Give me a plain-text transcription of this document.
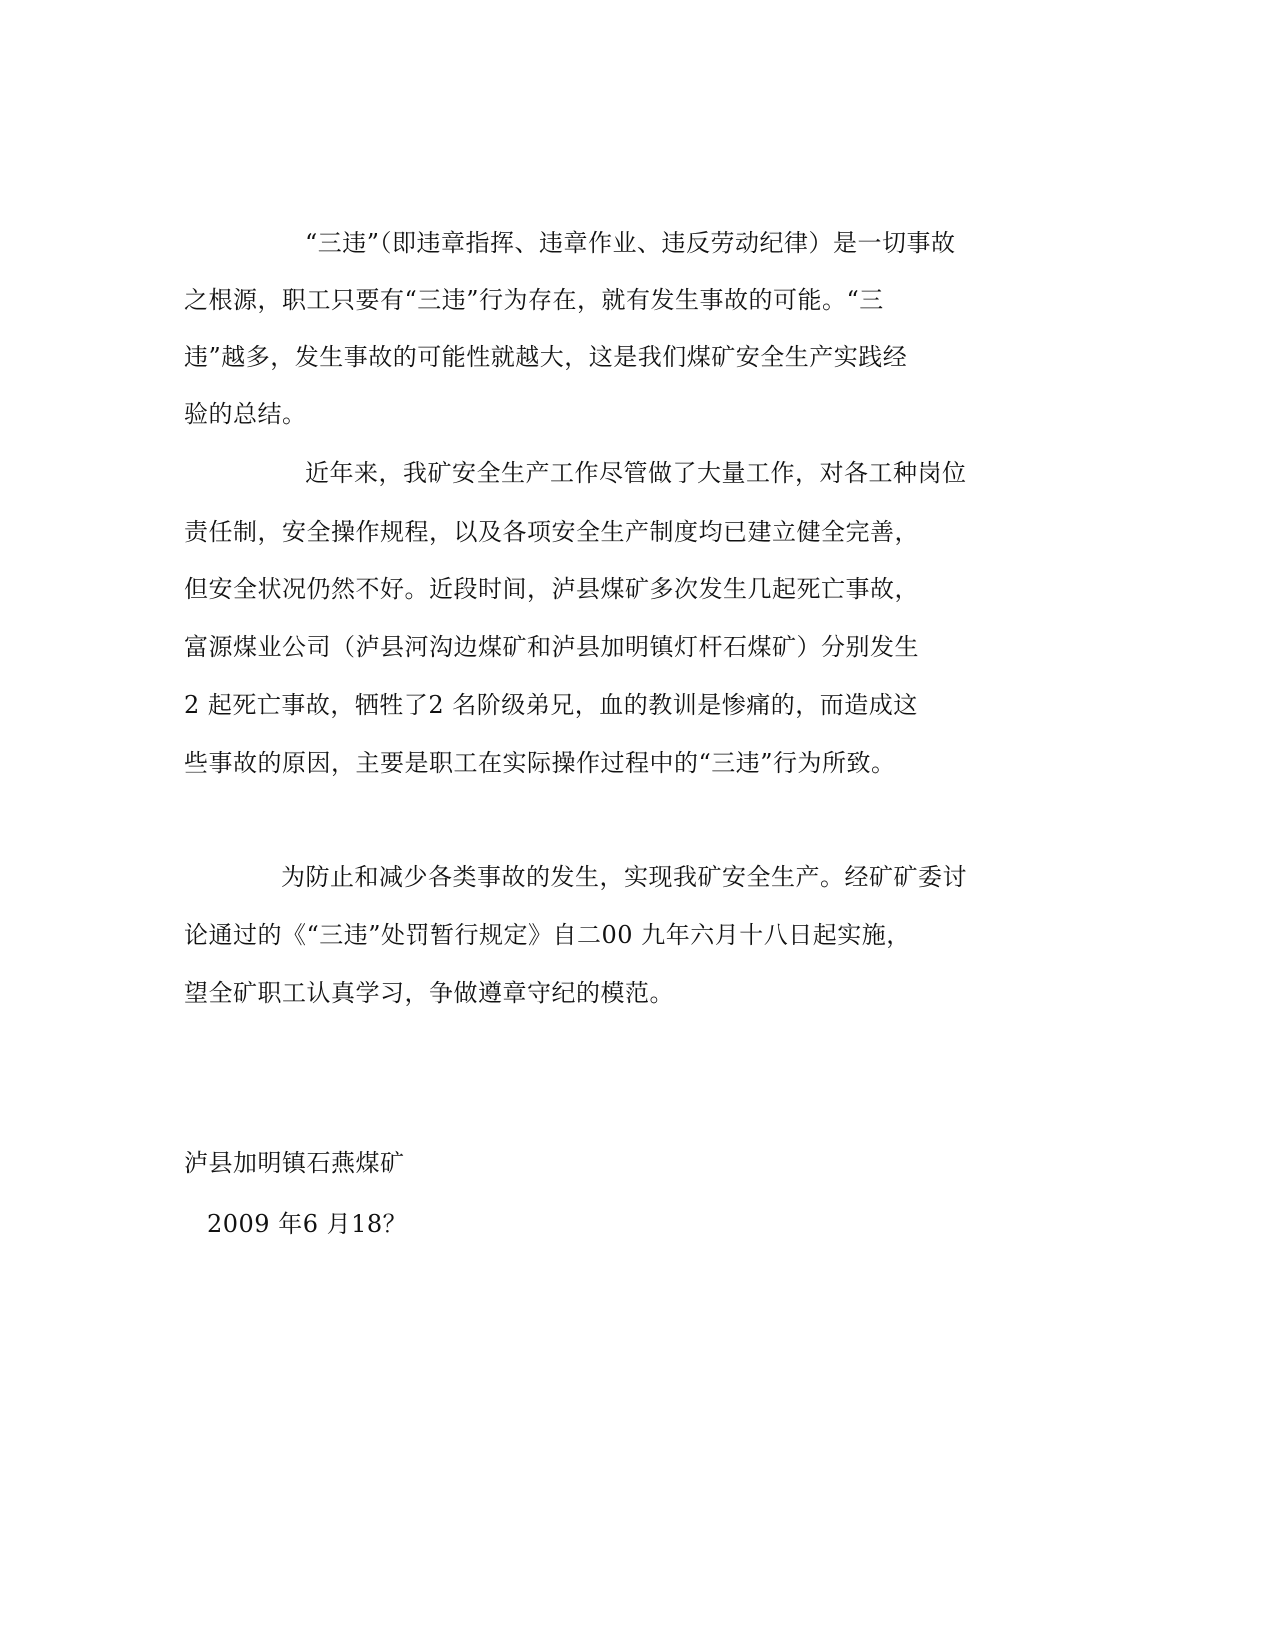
“三违”（即违章指挥、违章作业、违反劳动纪律）是一切事故
之根源，职工只要有“三违”行为存在，就有发生事故的可能。“三
违”越多，发生事故的可能性就越大，这是我们煤矿安全生产实践经
验的总结。
近年来，我矿安全生产工作尽管做了大量工作，对各工种岗位
责任制，安全操作规程，以及各项安全生产制度均已建立健全完善，
但安全状况仍然不好。近段时间，泸县煤矿多次发生几起死亡事故，
富源煤业公司（泸县河沟边煤矿和泸县加明镇灯杆石煤矿）分别发生
2 起死亡事故，牺牲了2 名阶级弟兄，血的教训是惨痛的，而造成这
些事故的原因，主要是职工在实际操作过程中的“三违”行为所致。
为防止和减少各类事故的发生，实现我矿安全生产。经矿矿委讨
论通过的《“三违”处罚暂行规定》自二00 九年六月十八日起实施，
望全矿职工认真学习，争做遵章守纪的模范。
泸县加明镇石燕煤矿
2009 年6 月18？
